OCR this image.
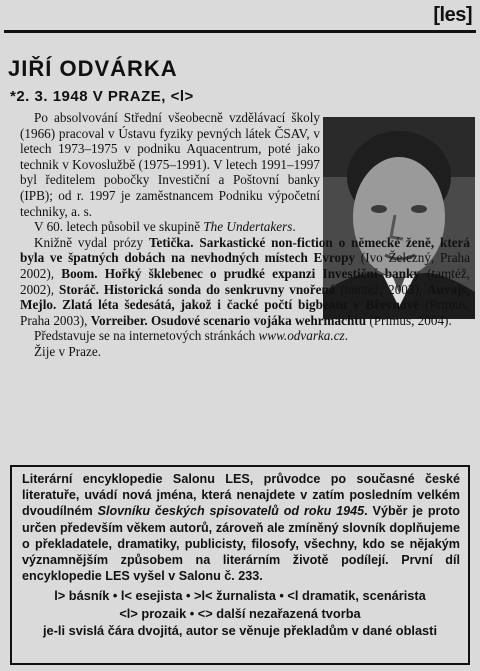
[les]
JIŘÍ ODVÁRKA
*2. 3. 1948 V PRAZE, <l>

Po absolvování Střední všeobecně vzdělávací školy (1966) pracoval v Ústavu fyziky pevných látek ČSAV, v letech 1973–1975 v podniku Aquacentrum, poté jako technik v Kovoslužbě (1975–1991). V letech 1991–1997 byl ředitelem pobočky Investiční a Poštovní banky (IPB); od r. 1997 je zaměstnancem Podniku výpočetní techniky, a. s.

V 60. letech působil ve skupině The Undertakers.

Knižně vydal prózy Tetička. Sarkastické non-fiction o německé ženě, která byla ve špatných dobách na nevhodných místech Evropy (Ivo Železný, Praha 2002), Boom. Hořký šklebenec o prudké expanzi Investiční banky (tamtéž, 2002), Storáč. Historická sonda do senkruvny vnořená (tamtéž, 2003), Auvajs, Mejlo. Zlatá léta šedesátá, jakož i čacké počtí bigbeatu v Břevnově (Primus, Praha 2003), Vorreiber. Osudové scenario vojáka wehrmachtu (Primus, 2004).

Představuje se na internetových stránkách www.odvarka.cz.

Žije v Praze.

Literární encyklopedie Salonu LES, průvodce po současné české literatuře, uvádí nová jména, která nenajdete v zatím posledním velkém dvoudílném Slovníku českých spisovatelů od roku 1945. Výběr je proto určen především věkem autorů, zároveň ale zmíněný slovník doplňujeme o překladatele, dramatiky, publicisty, filosofy, všechny, kdo se nějakým významnějším způsobem na literárním životě podílejí. První díl encyklopedie LES vyšel v Salonu č. 233.
l> básník • l< esejista • >l< žurnalista • <l dramatik, scenárista
<l> prozaik • <> další nezařazená tvorba
je-li svislá čára dvojitá, autor se věnuje překladům v dané oblasti
